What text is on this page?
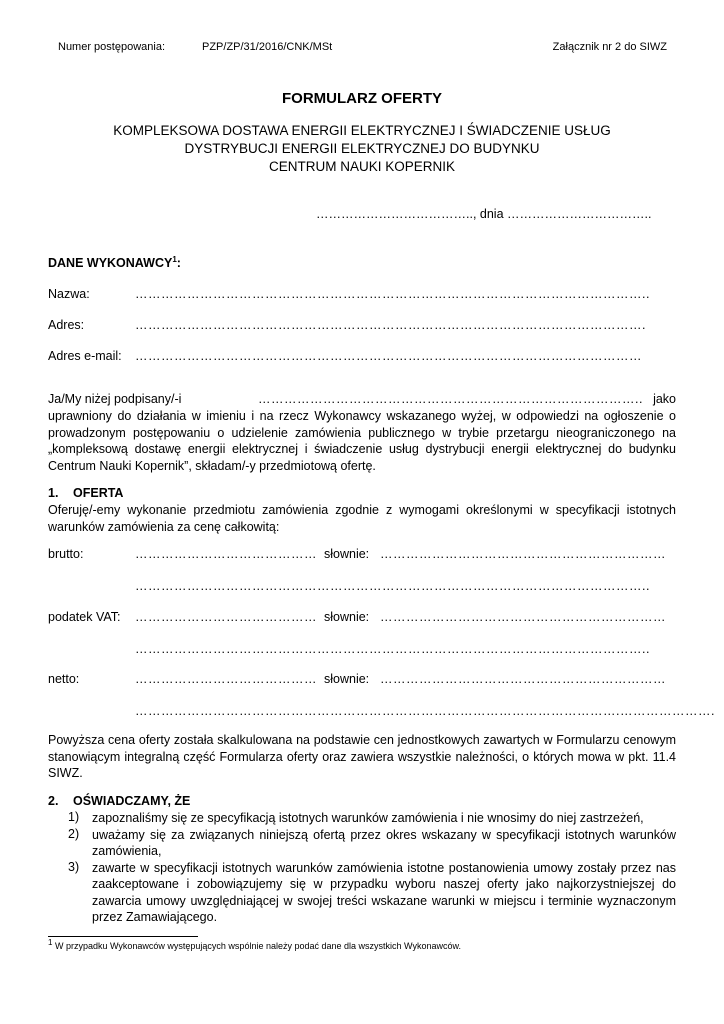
Numer postępowania:	PZP/ZP/31/2016/CNK/MSt	Załącznik nr 2 do SIWZ
FORMULARZ OFERTY
KOMPLEKSOWA DOSTAWA ENERGII ELEKTRYCZNEJ I ŚWIADCZENIE USŁUG
DYSTRYBUCJI ENERGII ELEKTRYCZNEJ DO BUDYNKU
CENTRUM NAUKI KOPERNIK
……………………………….., dnia ……………………………..
DANE WYKONAWCY$^1$:
Nazwa:	………………………………………………………………………………………………………..
Adres:	……………………………………………………………………………………………………….
Adres e-mail: ………………………………………………………………………………………………………
Ja/My niżej podpisany/-i	…………………………………………………………………………….. jako
uprawniony do działania w imieniu i na rzecz Wykonawcy wskazanego wyżej, w odpowiedzi na ogłoszenie o prowadzonym postępowaniu o udzielenie zamówienia publicznego w trybie przetargu nieograniczonego na „kompleksową dostawę energii elektrycznej i świadczenie usług dystrybucji energii elektrycznej do budynku Centrum Nauki Kopernik”, składam/-y przedmiotową ofertę.
1. OFERTA
Oferuję/-emy wykonanie przedmiotu zamówienia zgodnie z wymogami określonymi w specyfikacji istotnych warunków zamówienia za cenę całkowitą:
brutto:	…………………………………… słownie: …………………………………………………………
………………………………………………………………………………………………………..
podatek VAT: …………………………………… słownie: …………………………………………………………
………………………………………………………………………………………………………..
netto:	…………………………………… słownie: …………………………………………………………
………………………………………………………………………………………………….………………….
Powyższa cena oferty została skalkulowana na podstawie cen jednostkowych zawartych w Formularzu cenowym stanowiącym integralną część Formularza oferty oraz zawiera wszystkie należności, o których mowa w pkt. 11.4 SIWZ.
2. OŚWIADCZAMY, ŻE
1) zapoznaliśmy się ze specyfikacją istotnych warunków zamówienia i nie wnosimy do niej zastrzeżeń,
2) uważamy się za związanych niniejszą ofertą przez okres wskazany w specyfikacji istotnych warunków zamówienia,
3) zawarte w specyfikacji istotnych warunków zamówienia istotne postanowienia umowy zostały przez nas zaakceptowane i zobowiązujemy się w przypadku wyboru naszej oferty jako najkorzystniejszej do zawarcia umowy uwzględniającej w swojej treści wskazane warunki w miejscu i terminie wyznaczonym przez Zamawiającego.
$^1$ W przypadku Wykonawców występujących wspólnie należy podać dane dla wszystkich Wykonawców.
